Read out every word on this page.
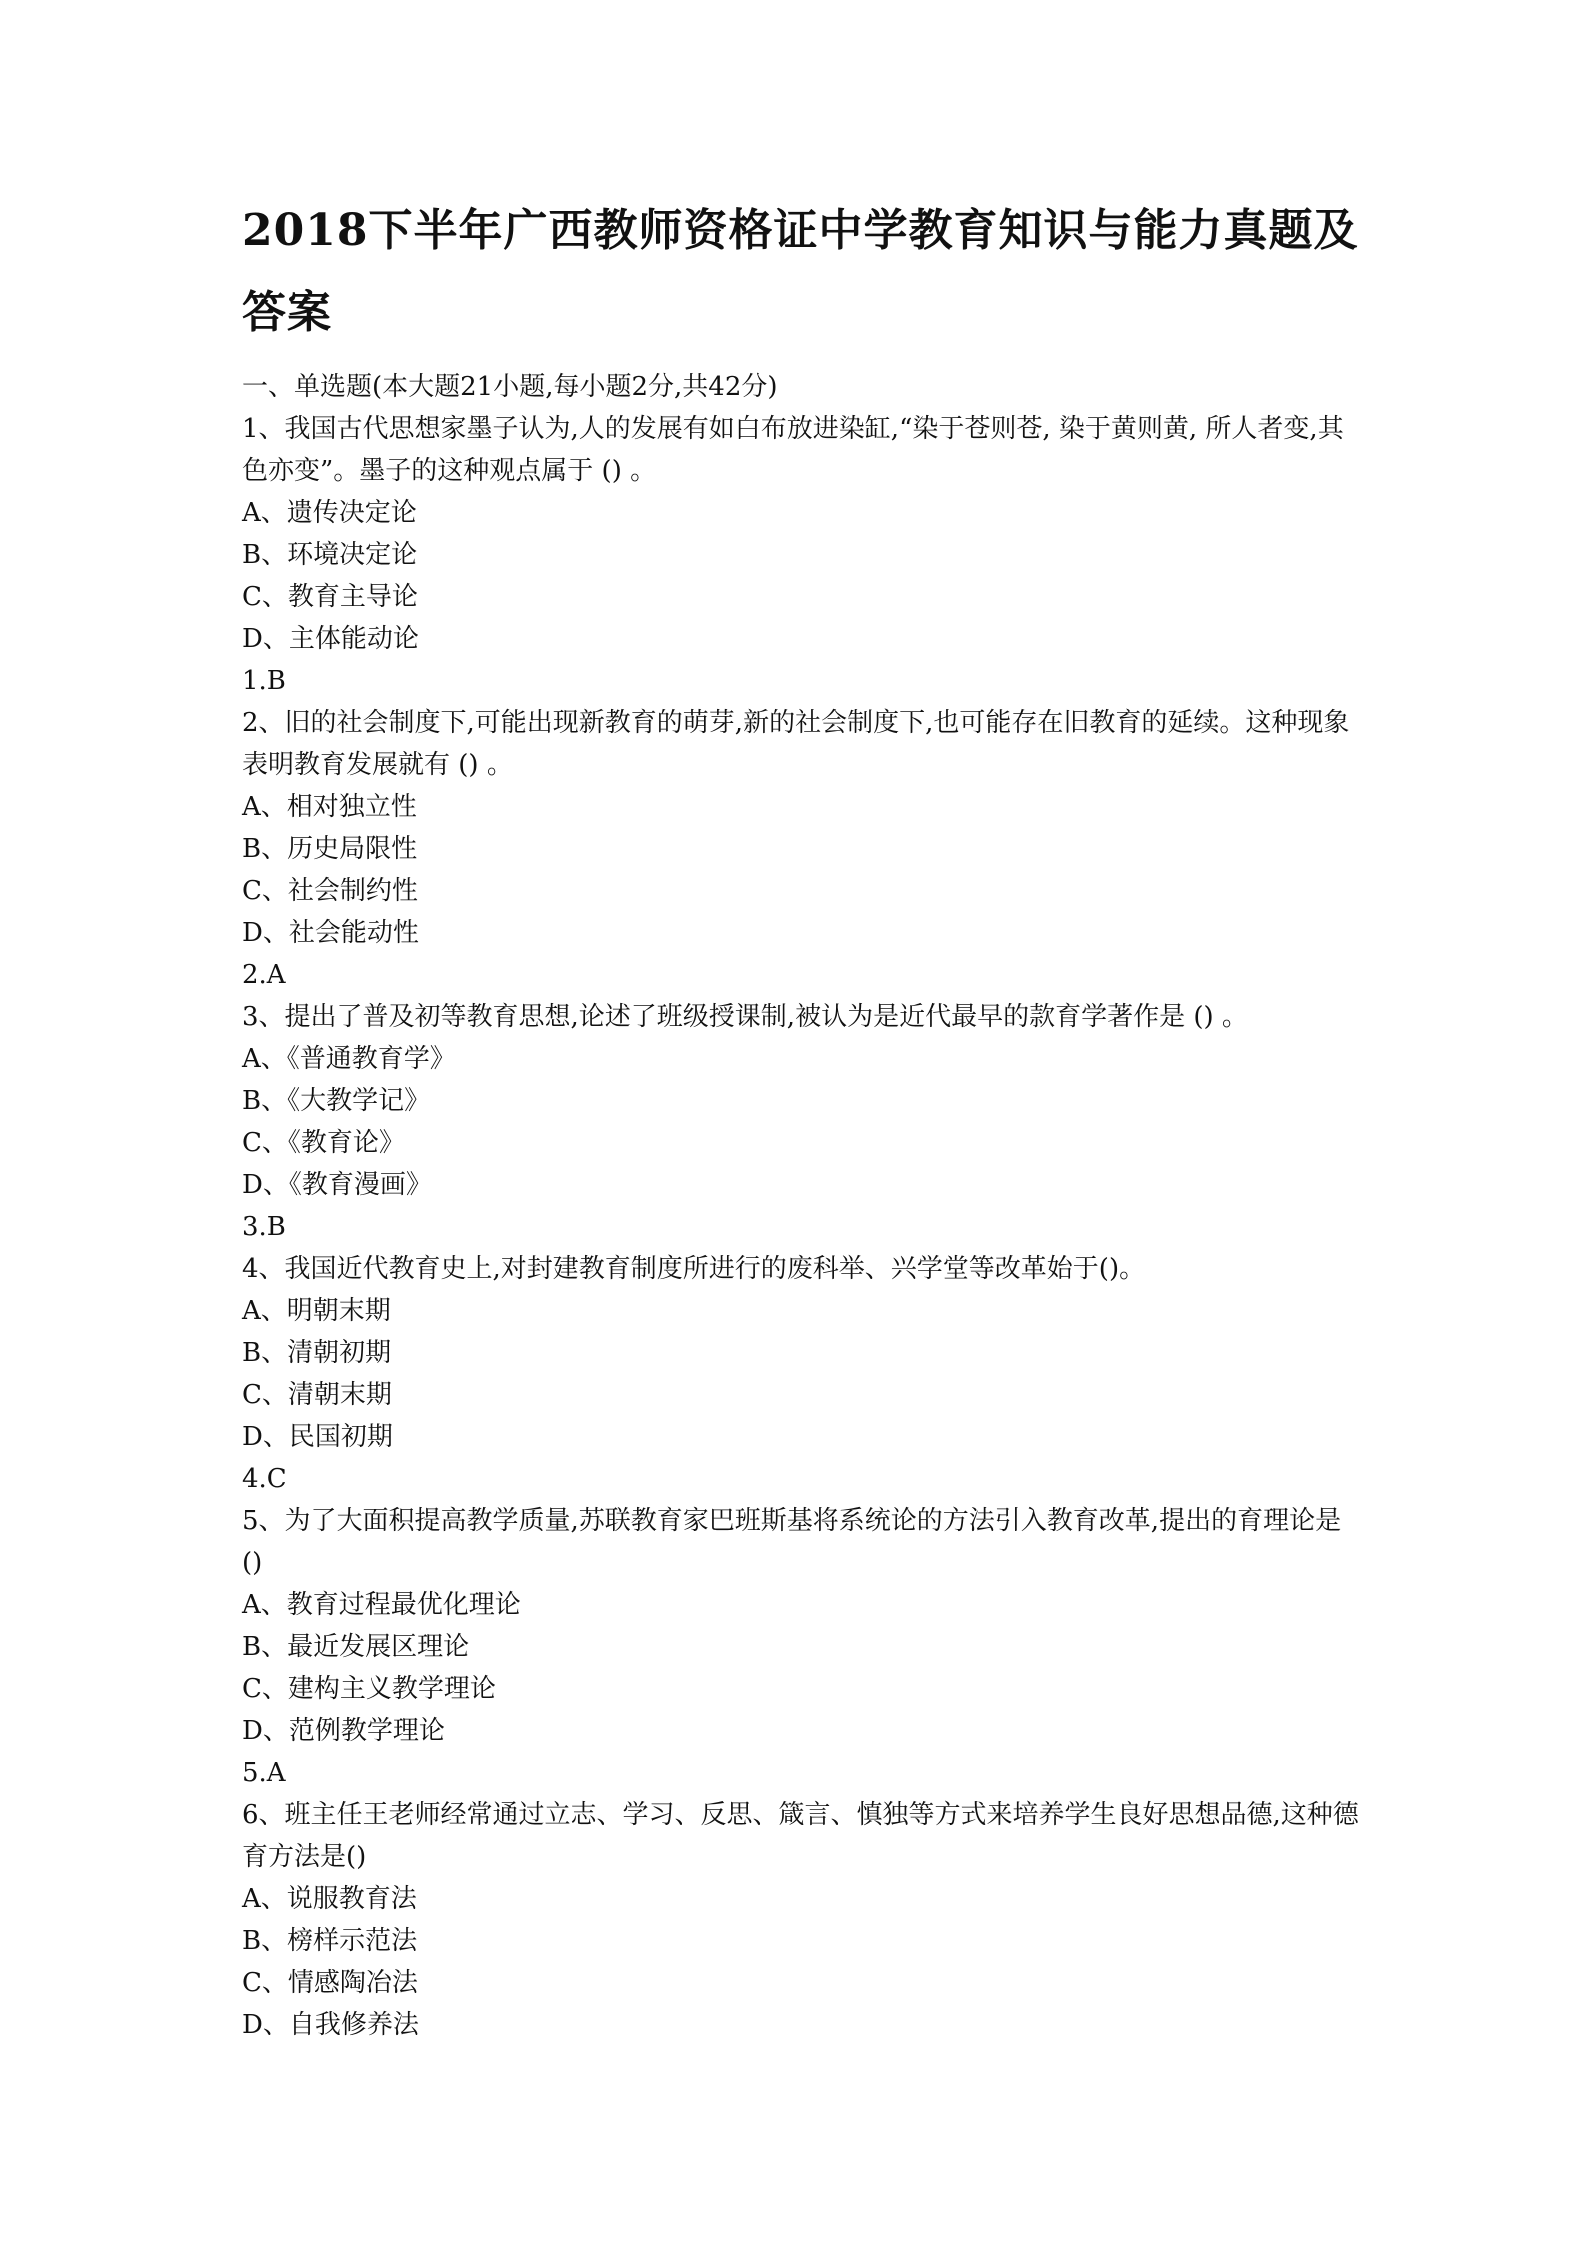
2018下半年广西教师资格证中学教育知识与能力真题及答案
一、单选题(本大题21小题,每小题2分,共42分)
1、我国古代思想家墨子认为,人的发展有如白布放进染缸,“染于苍则苍, 染于黄则黄, 所人者变,其色亦变”。墨子的这种观点属于 () 。
A、遗传决定论
B、环境决定论
C、教育主导论
D、主体能动论
1.B
2、旧的社会制度下,可能出现新教育的萌芽,新的社会制度下,也可能存在旧教育的延续。这种现象表明教育发展就有 () 。
A、相对独立性
B、历史局限性
C、社会制约性
D、社会能动性
2.A
3、提出了普及初等教育思想,论述了班级授课制,被认为是近代最早的款育学著作是 () 。
A、《普通教育学》
B、《大教学记》
C、《教育论》
D、《教育漫画》
3.B
4、我国近代教育史上,对封建教育制度所进行的废科举、兴学堂等改革始于()。
A、明朝末期
B、清朝初期
C、清朝末期
D、民国初期
4.C
5、为了大面积提高教学质量,苏联教育家巴班斯基将系统论的方法引入教育改革,提出的育理论是 ()
A、教育过程最优化理论
B、最近发展区理论
C、建构主义教学理论
D、范例教学理论
5.A
6、班主任王老师经常通过立志、学习、反思、箴言、慎独等方式来培养学生良好思想品德,这种德育方法是()
A、说服教育法
B、榜样示范法
C、情感陶冶法
D、自我修养法
